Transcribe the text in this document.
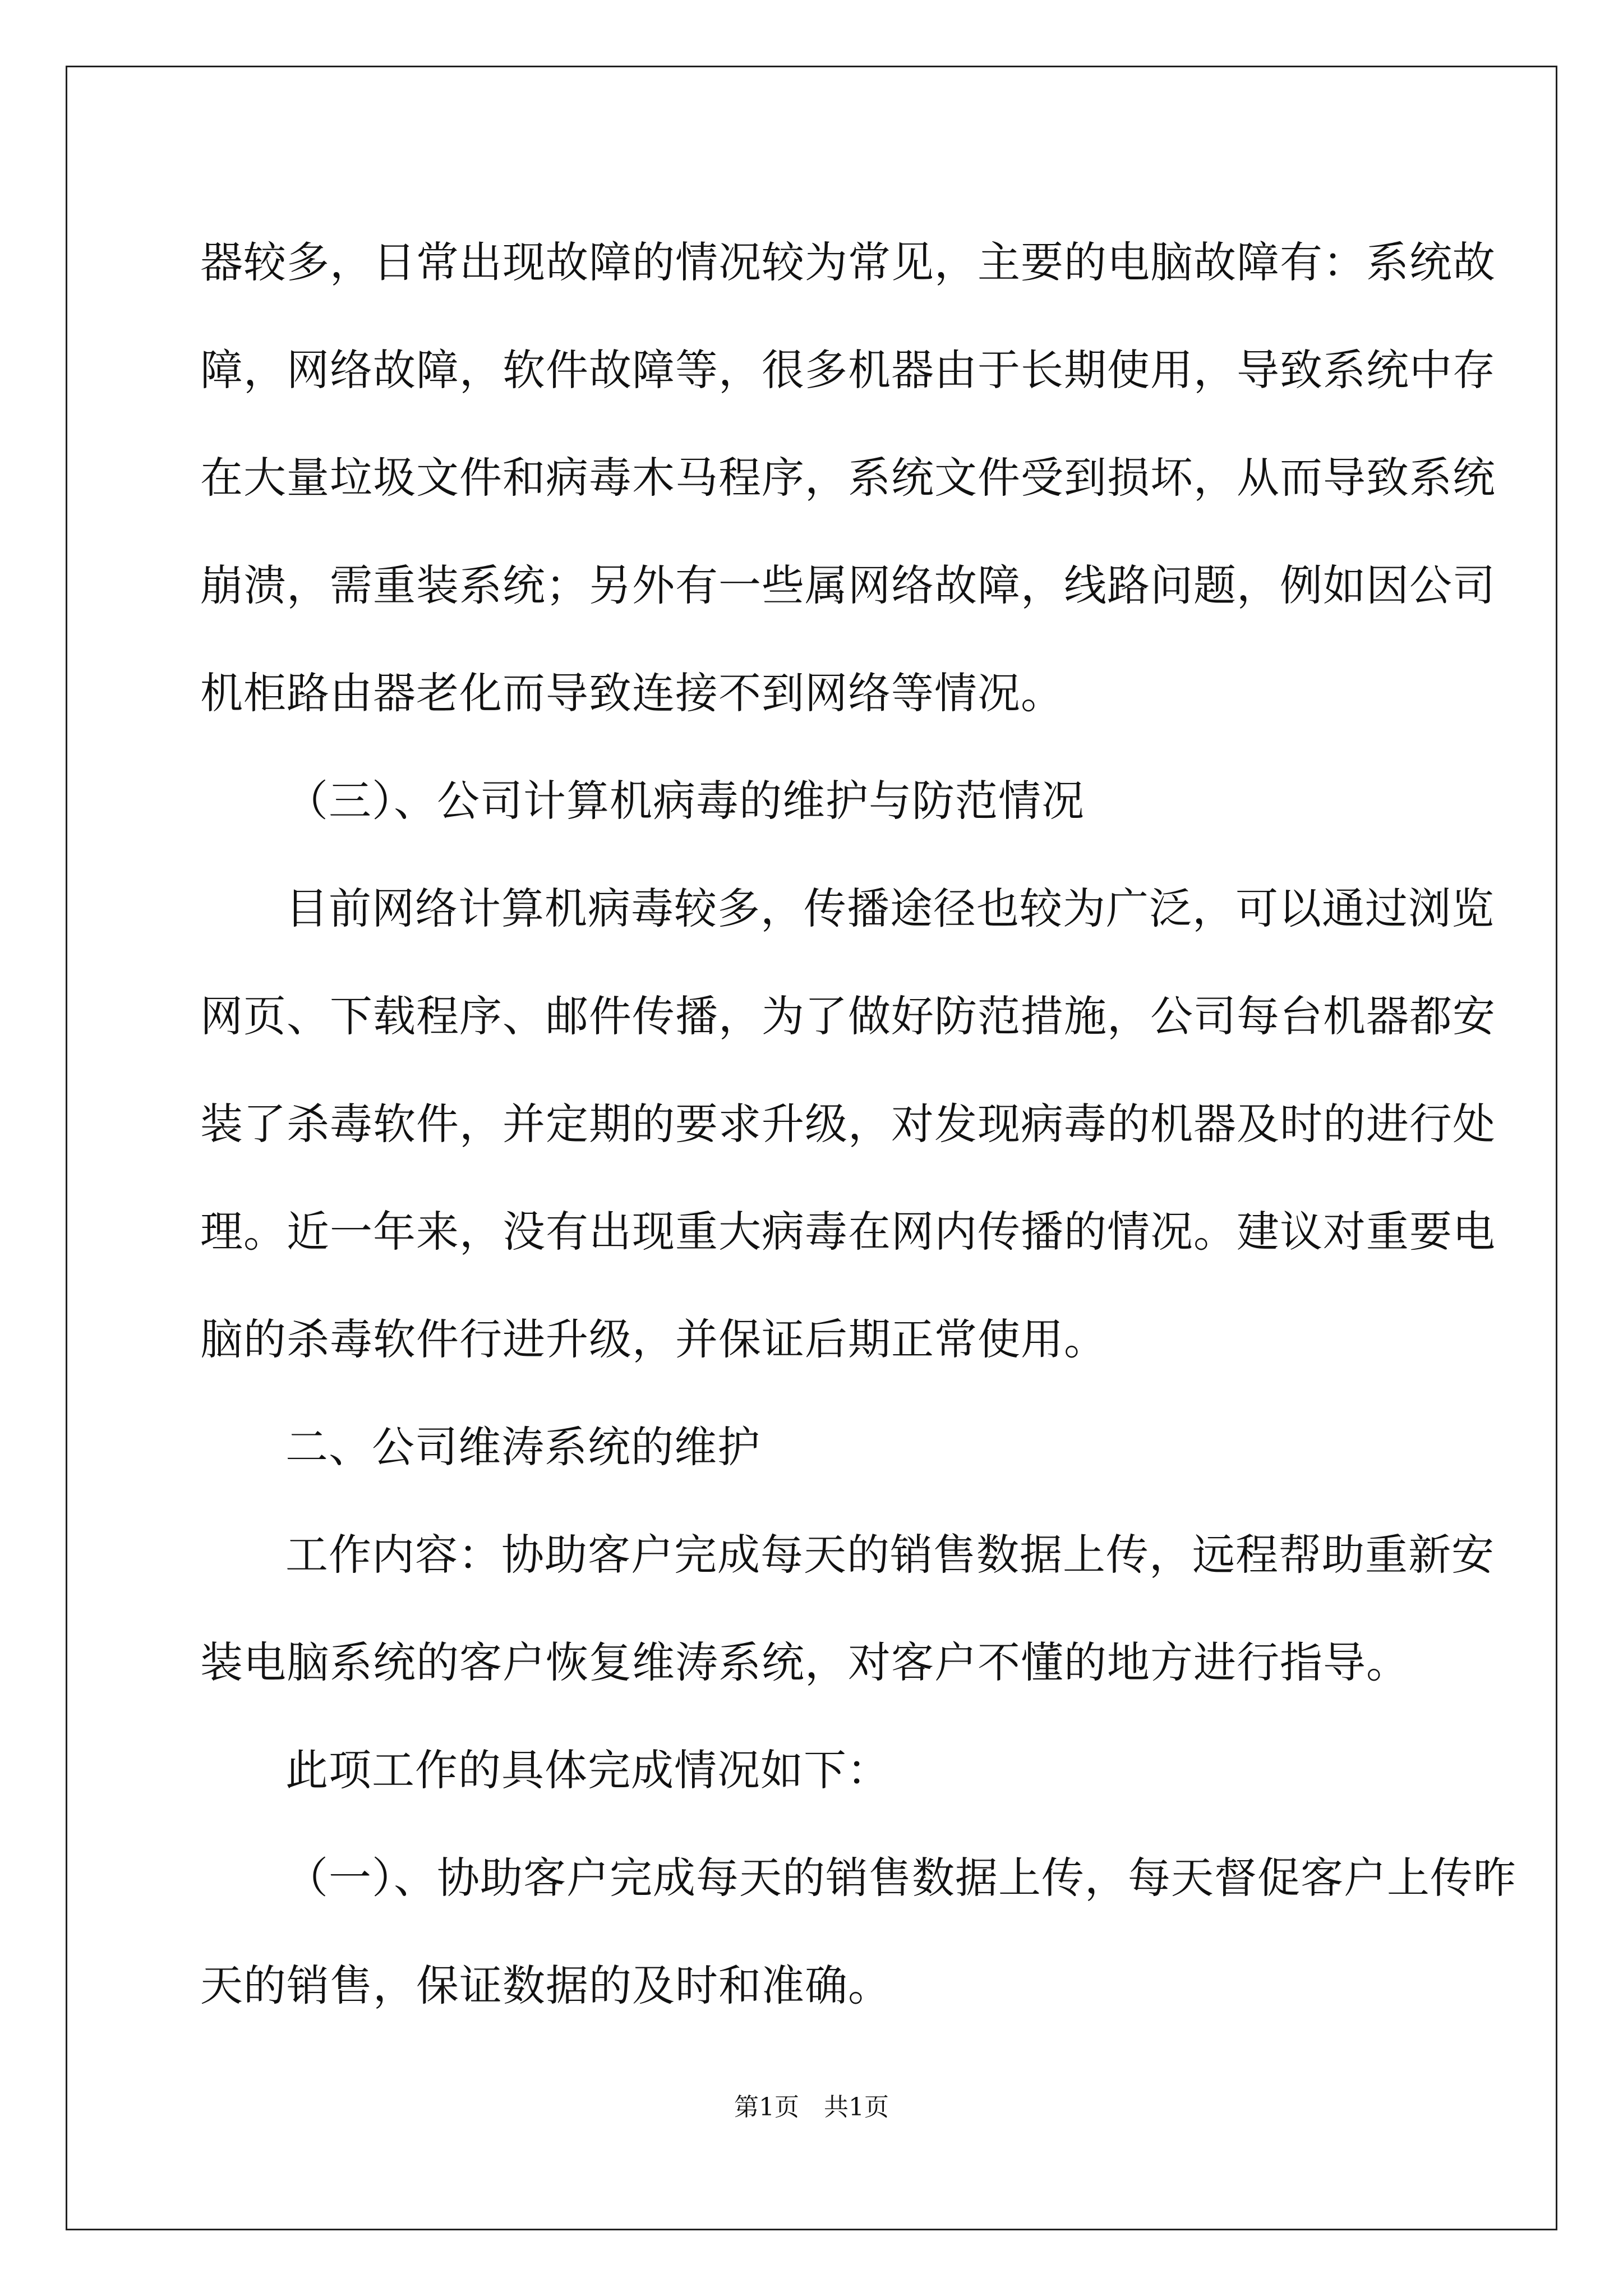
器较多，日常出现故障的情况较为常见，主要的电脑故障有：系统故
障，网络故障，软件故障等，很多机器由于长期使用，导致系统中存
在大量垃圾文件和病毒木马程序，系统文件受到损坏，从而导致系统
崩溃，需重装系统；另外有一些属网络故障，线路问题，例如因公司
机柜路由器老化而导致连接不到网络等情况。
（三）、公司计算机病毒的维护与防范情况
目前网络计算机病毒较多，传播途径也较为广泛，可以通过浏览
网页、下载程序、邮件传播，为了做好防范措施，公司每台机器都安
装了杀毒软件，并定期的要求升级，对发现病毒的机器及时的进行处
理。近一年来，没有出现重大病毒在网内传播的情况。建议对重要电
脑的杀毒软件行进升级，并保证后期正常使用。
二、公司维涛系统的维护
工作内容：协助客户完成每天的销售数据上传，远程帮助重新安
装电脑系统的客户恢复维涛系统，对客户不懂的地方进行指导。
此项工作的具体完成情况如下：
（一）、协助客户完成每天的销售数据上传，每天督促客户上传昨
天的销售，保证数据的及时和准确。
第1页 共1页
